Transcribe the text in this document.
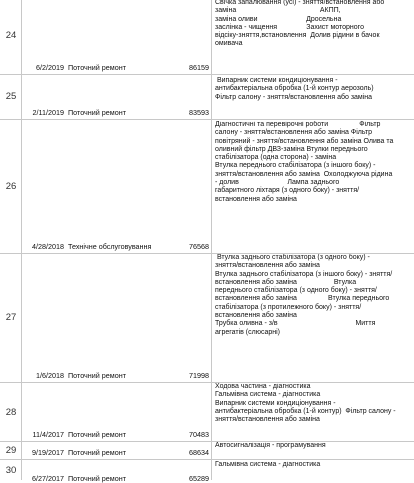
24
6/2/2019 Поточний ремонт	86159
Свічка запалювання (усі) - зняття/встановлення або
заміна                                           АКПП,
заміна оливи                         Дросельна
заслінка - чищення               Захист моторного
відсіку-зняття,встановлення  Долив рідини в бачок
омивача
25
2/11/2019 Поточний ремонт	83593
Випарник системи кондиціонування -
антибактеріальна обробка (1-й контур аерозоль)
Фільтр салону - зняття/встановлення або заміна
26
4/28/2018 Технічне обслуговування	76568
Діагностичні та перевірочні роботи                Фільтр
салону - зняття/встановлення або заміна Фільтр
повітряний - зняття/встановлення або заміна Олива та
оливний фільтр ДВЗ-заміна Втулки переднього
стабілізатора (одна сторона) - заміна
Втулка переднього стабілізатора (з іншого боку) -
зняття/встановлення або заміна  Охолоджуюча рідина
- долив                         Лампа заднього
габаритного ліхтаря (з одного боку) - зняття/
встановлення або заміна
27
1/6/2018 Поточний ремонт	71998
Втулка заднього стабілізатора (з одного боку) -
зняття/встановлення або заміна
Втулка заднього стабілізатора (з іншого боку) - зняття/
встановлення або заміна                   Втулка
переднього стабілізатора (з одного боку) - зняття/
встановлення або заміна                Втулка переднього
стабілізатора (з протилежного боку) - зняття/
встановлення або заміна
Трубка оливна - з/в                                        Миття
агрегатів (слюсарні)
28
11/4/2017 Поточний ремонт	70483
Ходова частина - діагностика
Гальмівна система - діагностика
Випарник системи кондиціонування -
антибактеріальна обробка (1-й контур)  Фільтр салону -
зняття/встановлення або заміна
29	9/19/2017 Поточний ремонт	68634
Автосигналізація - програмування
30
6/27/2017 Поточний ремонт	65289
Гальмівна система - діагностика
